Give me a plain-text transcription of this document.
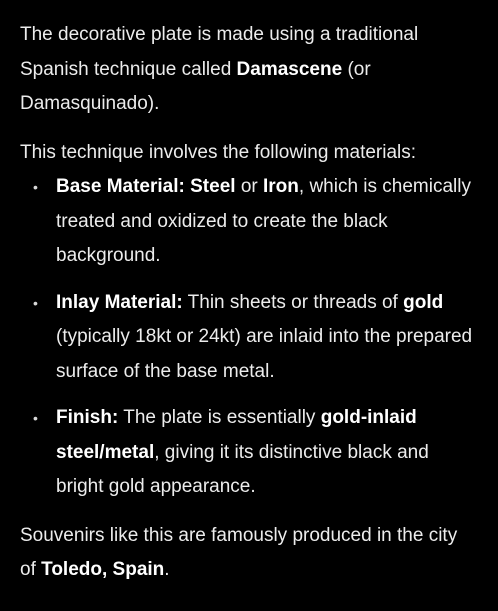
The decorative plate is made using a traditional Spanish technique called Damascene (or Damasquinado).

This technique involves the following materials:

• Base Material: Steel or Iron, which is chemically treated and oxidized to create the black background.
• Inlay Material: Thin sheets or threads of gold (typically 18kt or 24kt) are inlaid into the prepared surface of the base metal.
• Finish: The plate is essentially gold-inlaid steel/metal, giving it its distinctive black and bright gold appearance.

Souvenirs like this are famously produced in the city of Toledo, Spain.
